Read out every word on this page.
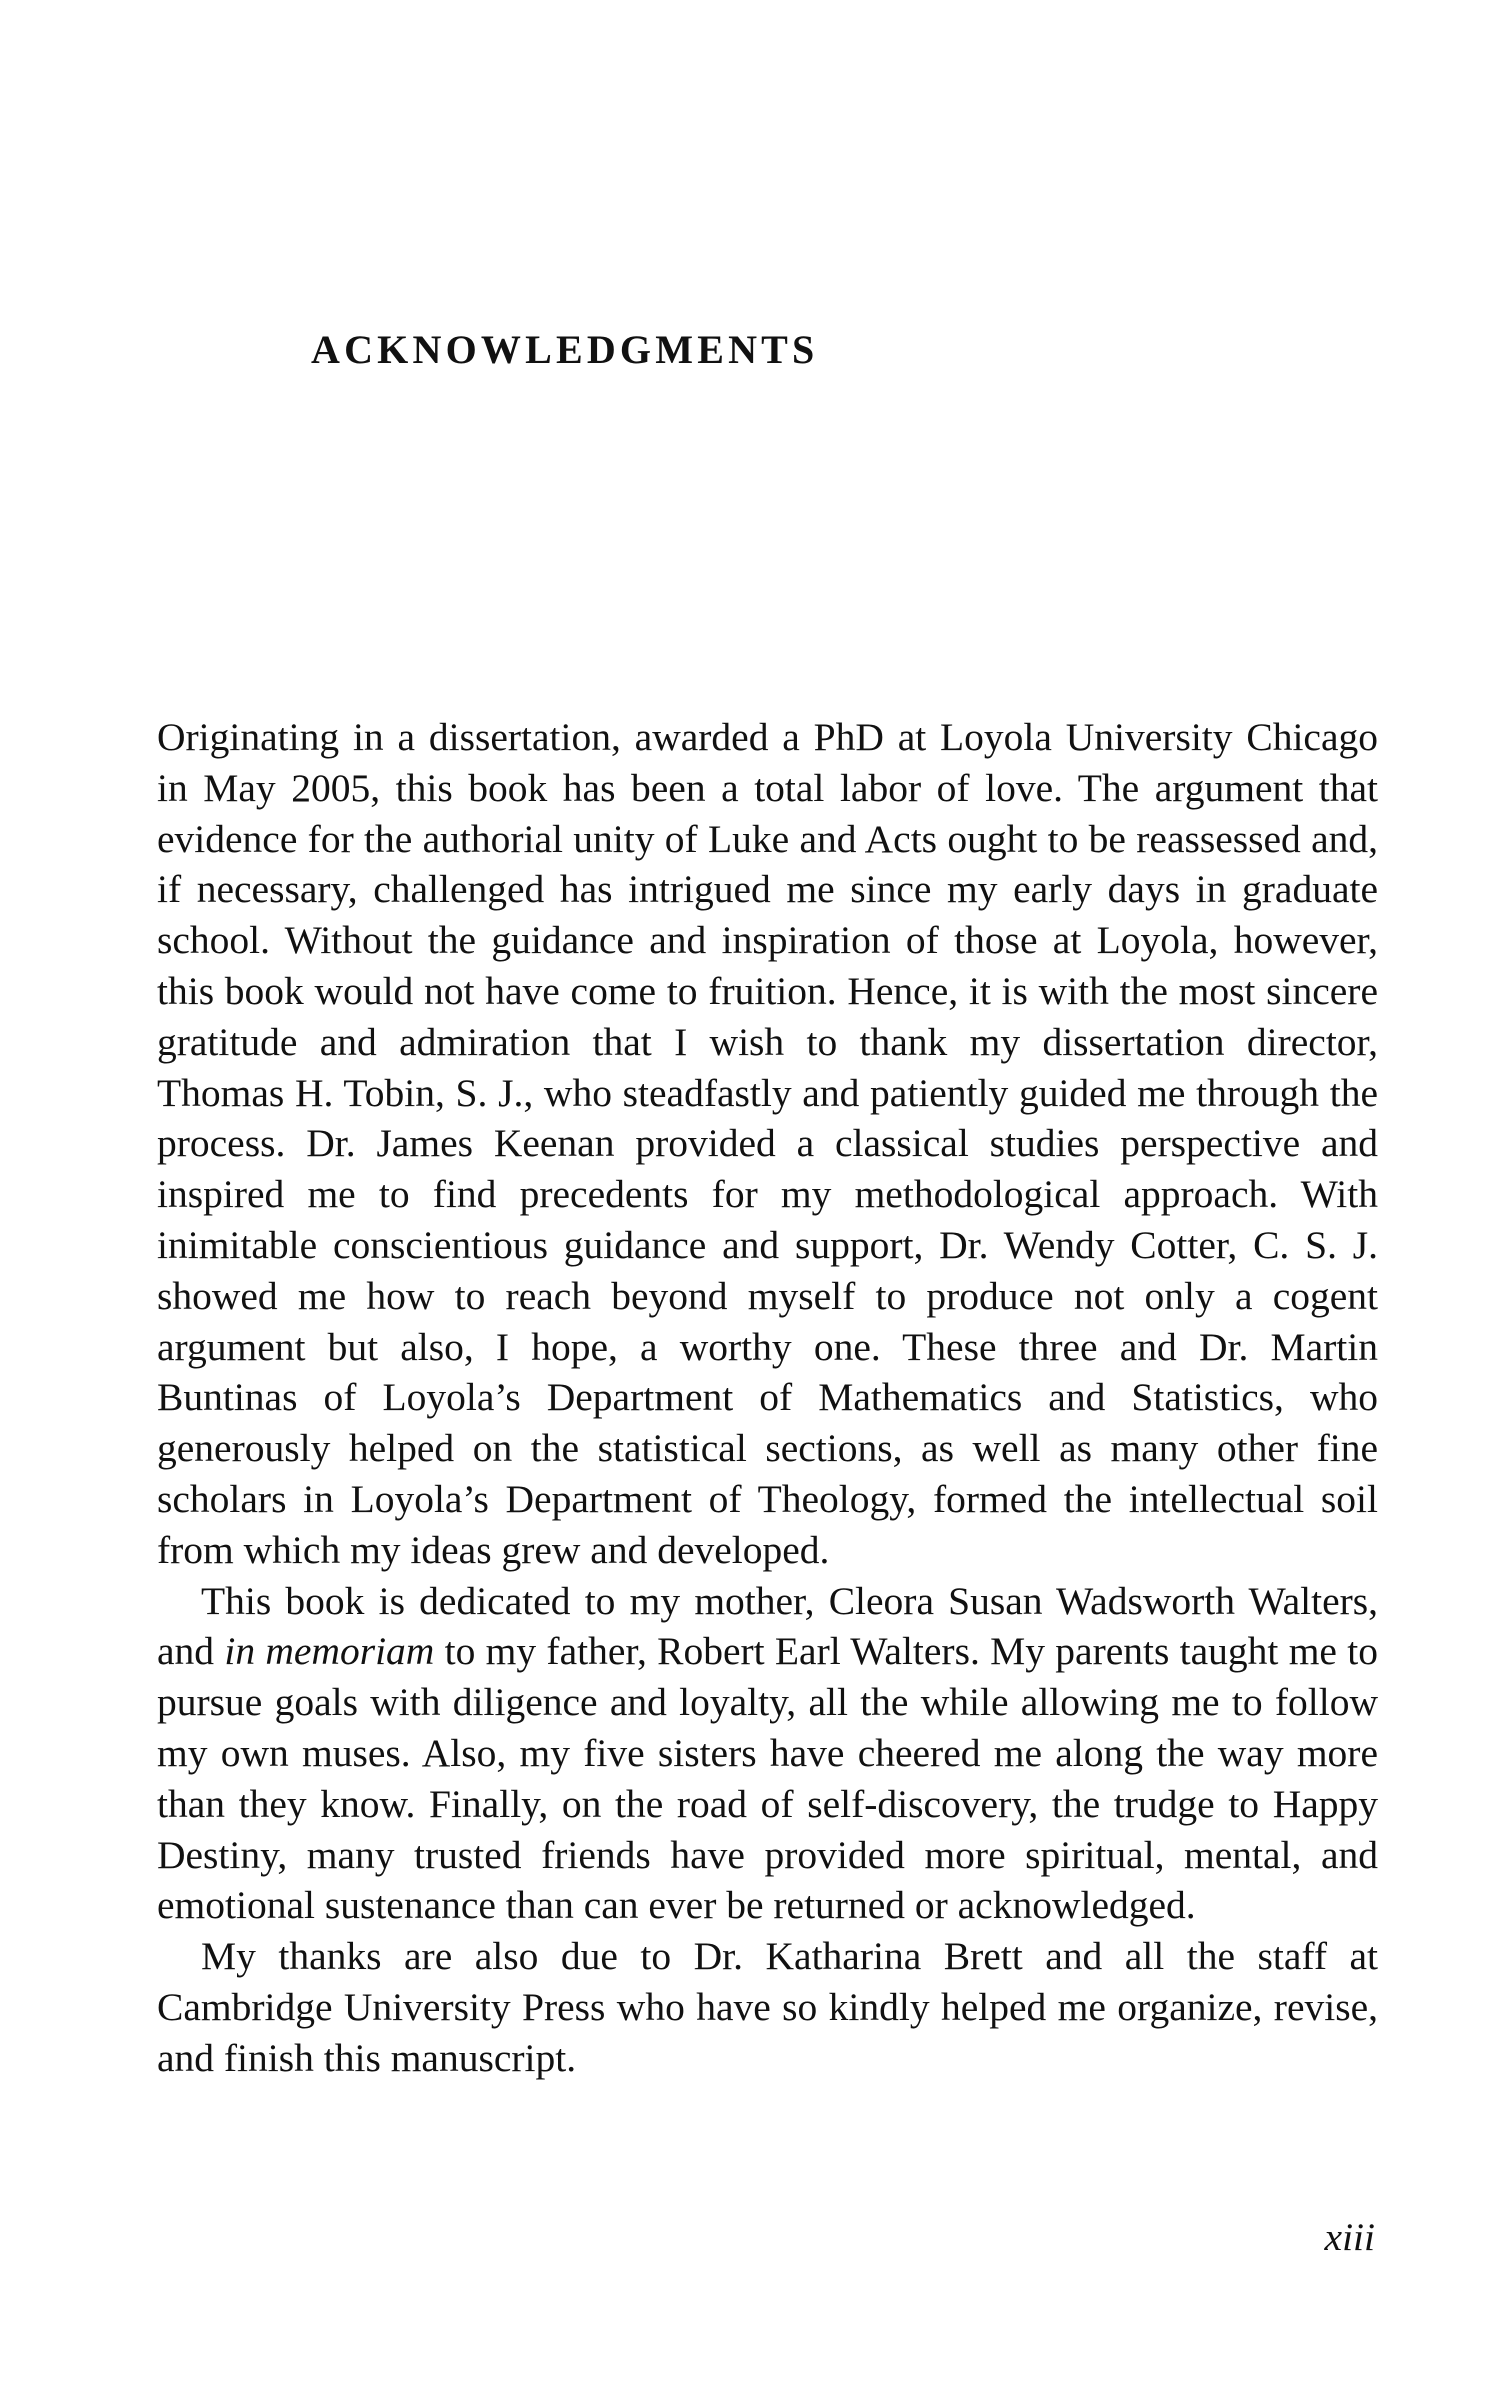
ACKNOWLEDGMENTS

Originating in a dissertation, awarded a PhD at Loyola University Chicago in May 2005, this book has been a total labor of love. The argument that evidence for the authorial unity of Luke and Acts ought to be reassessed and, if necessary, challenged has intrigued me since my early days in graduate school. Without the guidance and inspiration of those at Loyola, however, this book would not have come to fruition. Hence, it is with the most sincere gratitude and admiration that I wish to thank my dissertation director, Thomas H. Tobin, S. J., who steadfastly and patiently guided me through the process. Dr. James Keenan provided a classical studies perspective and inspired me to find precedents for my methodological approach. With inimitable conscientious guidance and support, Dr. Wendy Cotter, C. S. J. showed me how to reach beyond myself to produce not only a cogent argument but also, I hope, a worthy one. These three and Dr. Martin Buntinas of Loyola’s Department of Mathematics and Statistics, who generously helped on the statistical sections, as well as many other fine scholars in Loyola’s Department of Theology, formed the intellectual soil from which my ideas grew and developed.

This book is dedicated to my mother, Cleora Susan Wadsworth Walters, and in memoriam to my father, Robert Earl Walters. My parents taught me to pursue goals with diligence and loyalty, all the while allowing me to follow my own muses. Also, my five sisters have cheered me along the way more than they know. Finally, on the road of self-discovery, the trudge to Happy Destiny, many trusted friends have provided more spiritual, mental, and emotional sustenance than can ever be returned or acknowledged.

My thanks are also due to Dr. Katharina Brett and all the staff at Cambridge University Press who have so kindly helped me organize, revise, and finish this manuscript.

xiii
